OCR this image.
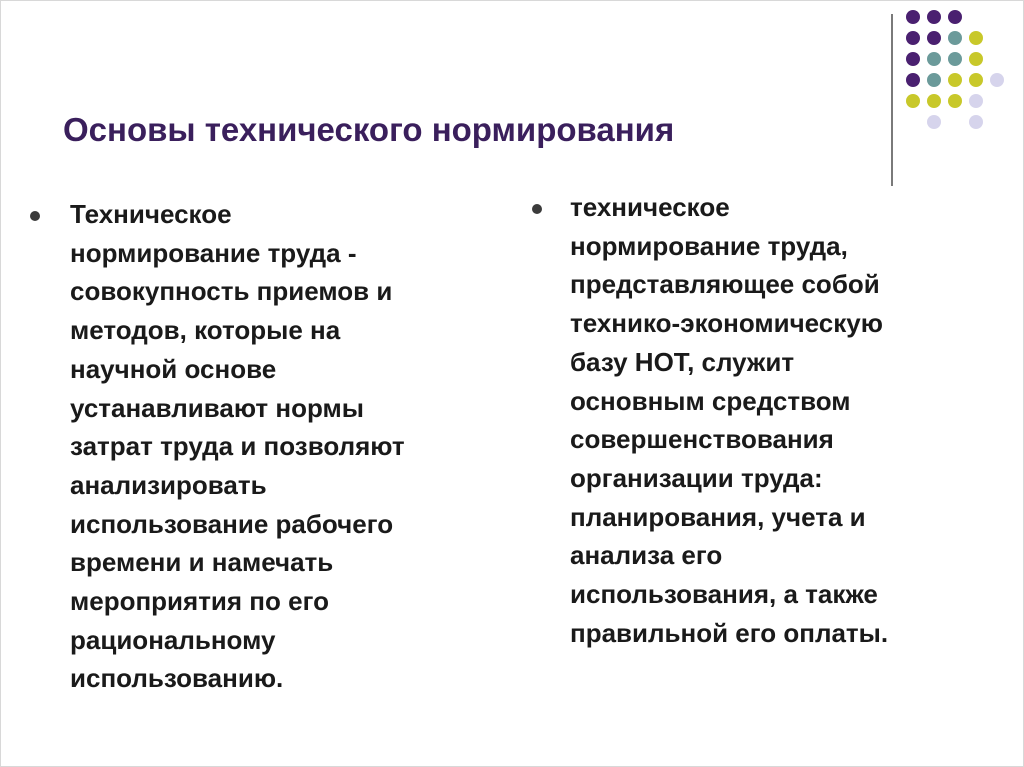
Основы технического нормирования
Техническое
нормирование труда -
совокупность приемов и
методов, которые на
научной основе
устанавливают нормы
затрат труда и позволяют
анализировать
использование рабочего
времени и намечать
мероприятия по его
рациональному
использованию.
техническое
нормирование труда,
представляющее собой
технико-экономическую
базу НОТ, служит
основным средством
совершенствования
организации труда:
планирования, учета и
анализа его
использования, а также
правильной его оплаты.
